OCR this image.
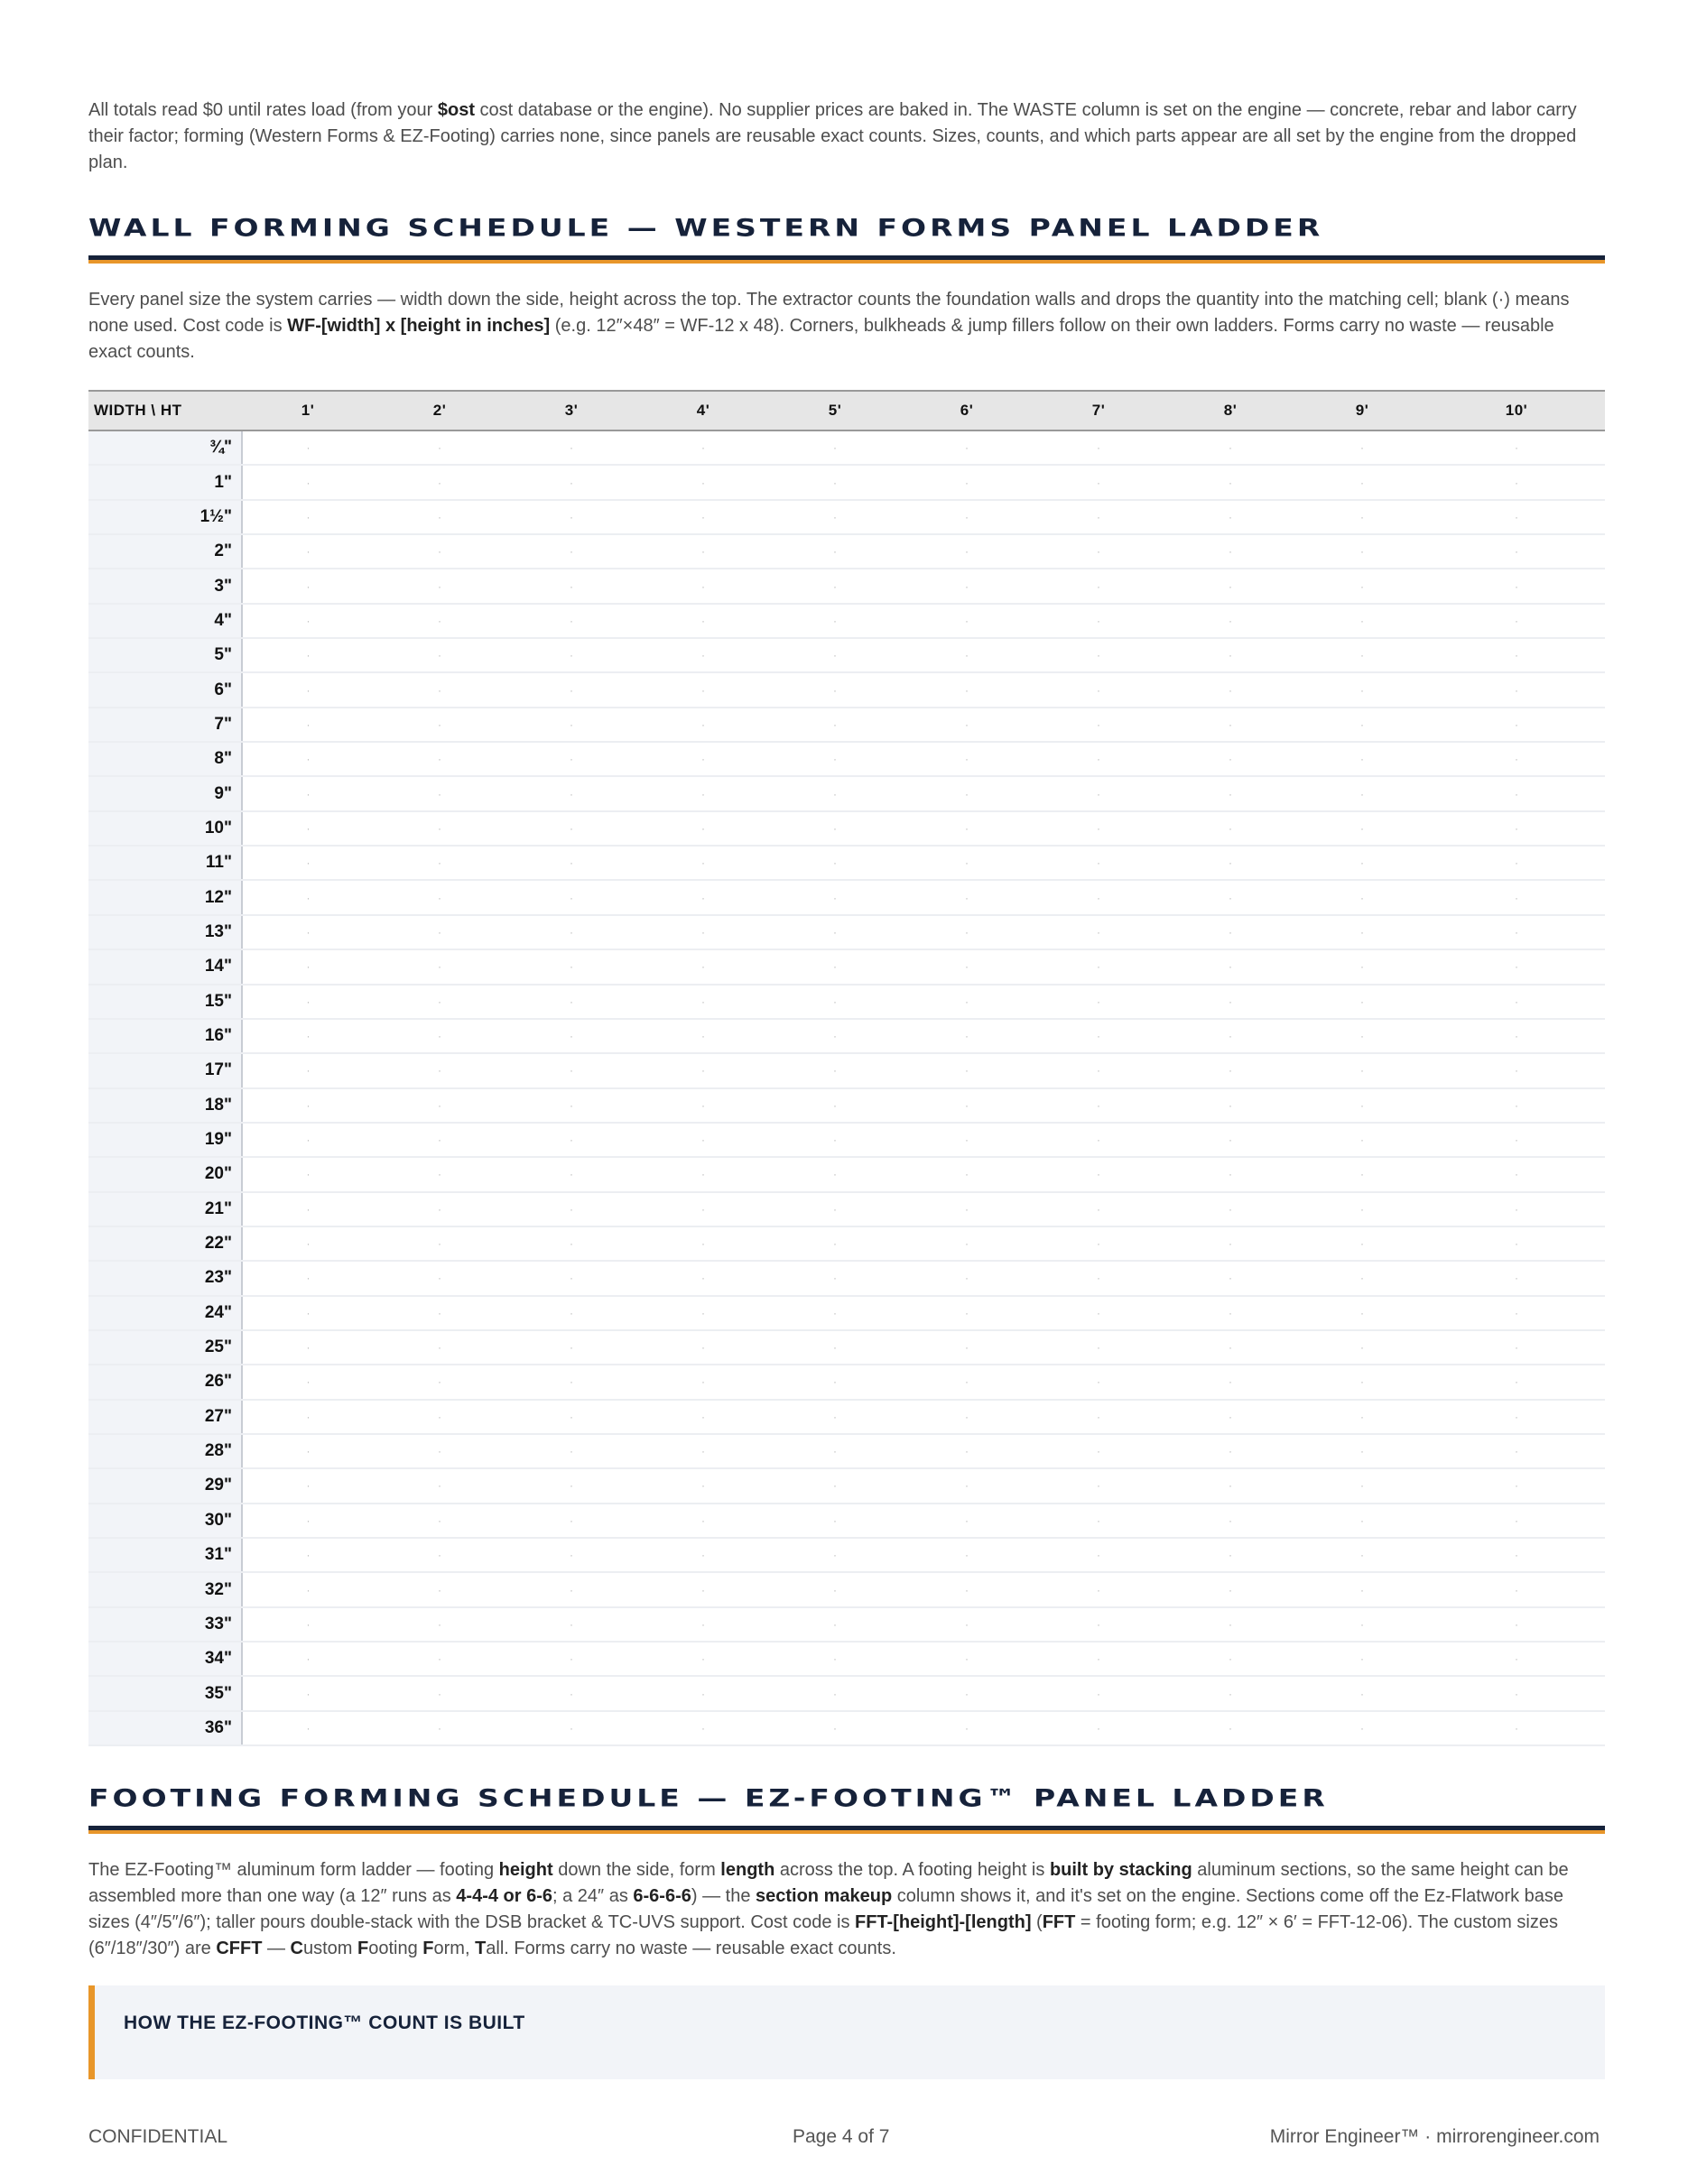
All totals read $0 until rates load (from your $ost cost database or the engine). No supplier prices are baked in. The WASTE column is set on the engine — concrete, rebar and labor carry their factor; forming (Western Forms & EZ-Footing) carries none, since panels are reusable exact counts. Sizes, counts, and which parts appear are all set by the engine from the dropped plan.
WALL FORMING SCHEDULE — WESTERN FORMS PANEL LADDER
Every panel size the system carries — width down the side, height across the top. The extractor counts the foundation walls and drops the quantity into the matching cell; blank (·) means none used. Cost code is WF-[width] x [height in inches] (e.g. 12″×48″ = WF-12 x 48). Corners, bulkheads & jump fillers follow on their own ladders. Forms carry no waste — reusable exact counts.
WIDTH \ HT	1'	2'	3'	4'	5'	6'	7'	8'	9'	10'
¾"	·	·	·	·	·	·	·	·	·	·
1"	·	·	·	·	·	·	·	·	·	·
1½"	·	·	·	·	·	·	·	·	·	·
2"	·	·	·	·	·	·	·	·	·	·
3"	·	·	·	·	·	·	·	·	·	·
4"	·	·	·	·	·	·	·	·	·	·
5"	·	·	·	·	·	·	·	·	·	·
6"	·	·	·	·	·	·	·	·	·	·
7"	·	·	·	·	·	·	·	·	·	·
8"	·	·	·	·	·	·	·	·	·	·
9"	·	·	·	·	·	·	·	·	·	·
10"	·	·	·	·	·	·	·	·	·	·
11"	·	·	·	·	·	·	·	·	·	·
12"	·	·	·	·	·	·	·	·	·	·
13"	·	·	·	·	·	·	·	·	·	·
14"	·	·	·	·	·	·	·	·	·	·
15"	·	·	·	·	·	·	·	·	·	·
16"	·	·	·	·	·	·	·	·	·	·
17"	·	·	·	·	·	·	·	·	·	·
18"	·	·	·	·	·	·	·	·	·	·
19"	·	·	·	·	·	·	·	·	·	·
20"	·	·	·	·	·	·	·	·	·	·
21"	·	·	·	·	·	·	·	·	·	·
22"	·	·	·	·	·	·	·	·	·	·
23"	·	·	·	·	·	·	·	·	·	·
24"	·	·	·	·	·	·	·	·	·	·
25"	·	·	·	·	·	·	·	·	·	·
26"	·	·	·	·	·	·	·	·	·	·
27"	·	·	·	·	·	·	·	·	·	·
28"	·	·	·	·	·	·	·	·	·	·
29"	·	·	·	·	·	·	·	·	·	·
30"	·	·	·	·	·	·	·	·	·	·
31"	·	·	·	·	·	·	·	·	·	·
32"	·	·	·	·	·	·	·	·	·	·
33"	·	·	·	·	·	·	·	·	·	·
34"	·	·	·	·	·	·	·	·	·	·
35"	·	·	·	·	·	·	·	·	·	·
36"	·	·	·	·	·	·	·	·	·	·
FOOTING FORMING SCHEDULE — EZ-FOOTING™ PANEL LADDER
The EZ-Footing™ aluminum form ladder — footing height down the side, form length across the top. A footing height is built by stacking aluminum sections, so the same height can be assembled more than one way (a 12″ runs as 4-4-4 or 6-6; a 24″ as 6-6-6-6) — the section makeup column shows it, and it's set on the engine. Sections come off the Ez-Flatwork base sizes (4″/5″/6″); taller pours double-stack with the DSB bracket & TC-UVS support. Cost code is FFT-[height]-[length] (FFT = footing form; e.g. 12″ × 6′ = FFT-12-06). The custom sizes (6″/18″/30″) are CFFT — Custom Footing Form, Tall. Forms carry no waste — reusable exact counts.
HOW THE EZ-FOOTING™ COUNT IS BUILT
CONFIDENTIAL	Page 4 of 7	Mirror Engineer™ · mirrorengineer.com
